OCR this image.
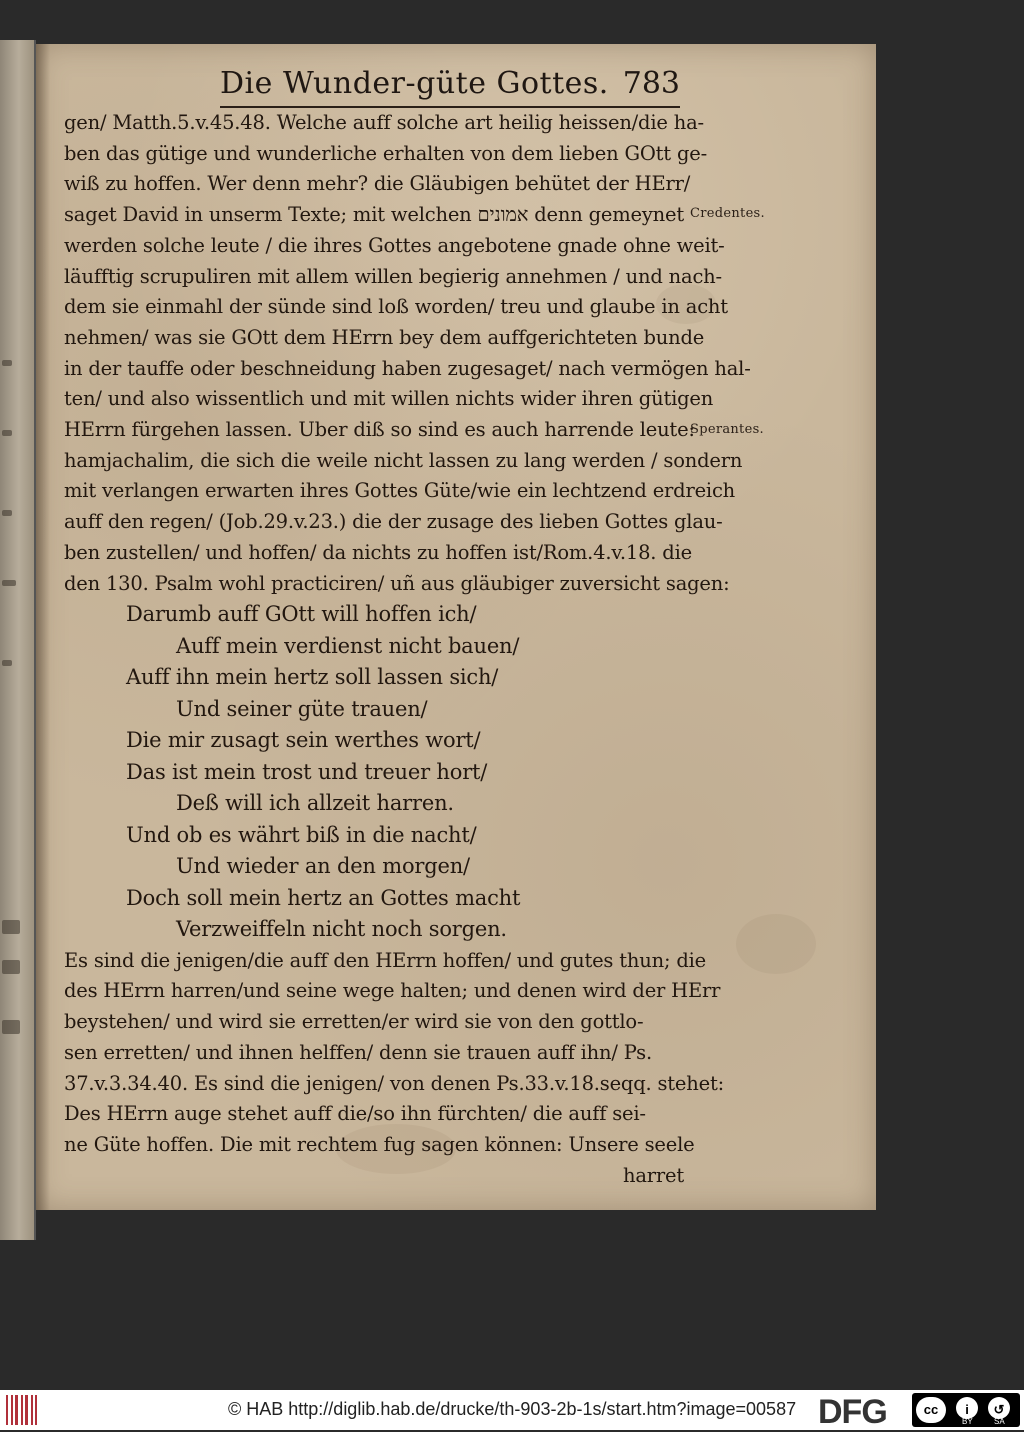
Die Wunder-güte Gottes. 783
gen/ Matth.5.v.45.48. Welche auff solche art heilig heissen/die ha-
ben das gütige und wunderliche erhalten von dem lieben GOtt ge-
wiß zu hoffen. Wer denn mehr? die Gläubigen behütet der HErr/
saget David in unserm Texte; mit welchen אמונים denn gemeynet
werden solche leute / die ihres Gottes angebotene gnade ohne weit-
läufftig scrupuliren mit allem willen begierig annehmen / und nach-
dem sie einmahl der sünde sind loß worden/ treu und glaube in acht
nehmen/ was sie GOtt dem HErrn bey dem auffgerichteten bunde
in der tauffe oder beschneidung haben zugesaget/ nach vermögen hal-
ten/ und also wissentlich und mit willen nichts wider ihren gütigen
HErrn fürgehen lassen. Uber diß so sind es auch harrende leute:
hamjachalim, die sich die weile nicht lassen zu lang werden / sondern
mit verlangen erwarten ihres Gottes Güte/wie ein lechtzend erdreich
auff den regen/ (Job.29.v.23.) die der zusage des lieben Gottes glau-
ben zustellen/ und hoffen/ da nichts zu hoffen ist/Rom.4.v.18. die
den 130. Psalm wohl practiciren/ uñ aus gläubiger zuversicht sagen:
Darumb auff GOtt will hoffen ich/
Auff mein verdienst nicht bauen/
Auff ihn mein hertz soll lassen sich/
Und seiner güte trauen/
Die mir zusagt sein werthes wort/
Das ist mein trost und treuer hort/
Deß will ich allzeit harren.
Und ob es währt biß in die nacht/
Und wieder an den morgen/
Doch soll mein hertz an Gottes macht
Verzweiffeln nicht noch sorgen.
Es sind die jenigen/die auff den HErrn hoffen/ und gutes thun; die
des HErrn harren/und seine wege halten; und denen wird der HErr
beystehen/ und wird sie erretten/er wird sie von den gottlo-
sen erretten/ und ihnen helffen/ denn sie trauen auff ihn/ Ps.
37.v.3.34.40. Es sind die jenigen/ von denen Ps.33.v.18.seqq. stehet:
Des HErrn auge stehet auff die/so ihn fürchten/ die auff sei-
ne Güte hoffen. Die mit rechtem fug sagen können: Unsere seele
harret
Credentes.
Sperantes.
© HAB http://diglib.hab.de/drucke/th-903-2b-1s/start.htm?image=00587 DFG	cc	i
BY
↺
SA
